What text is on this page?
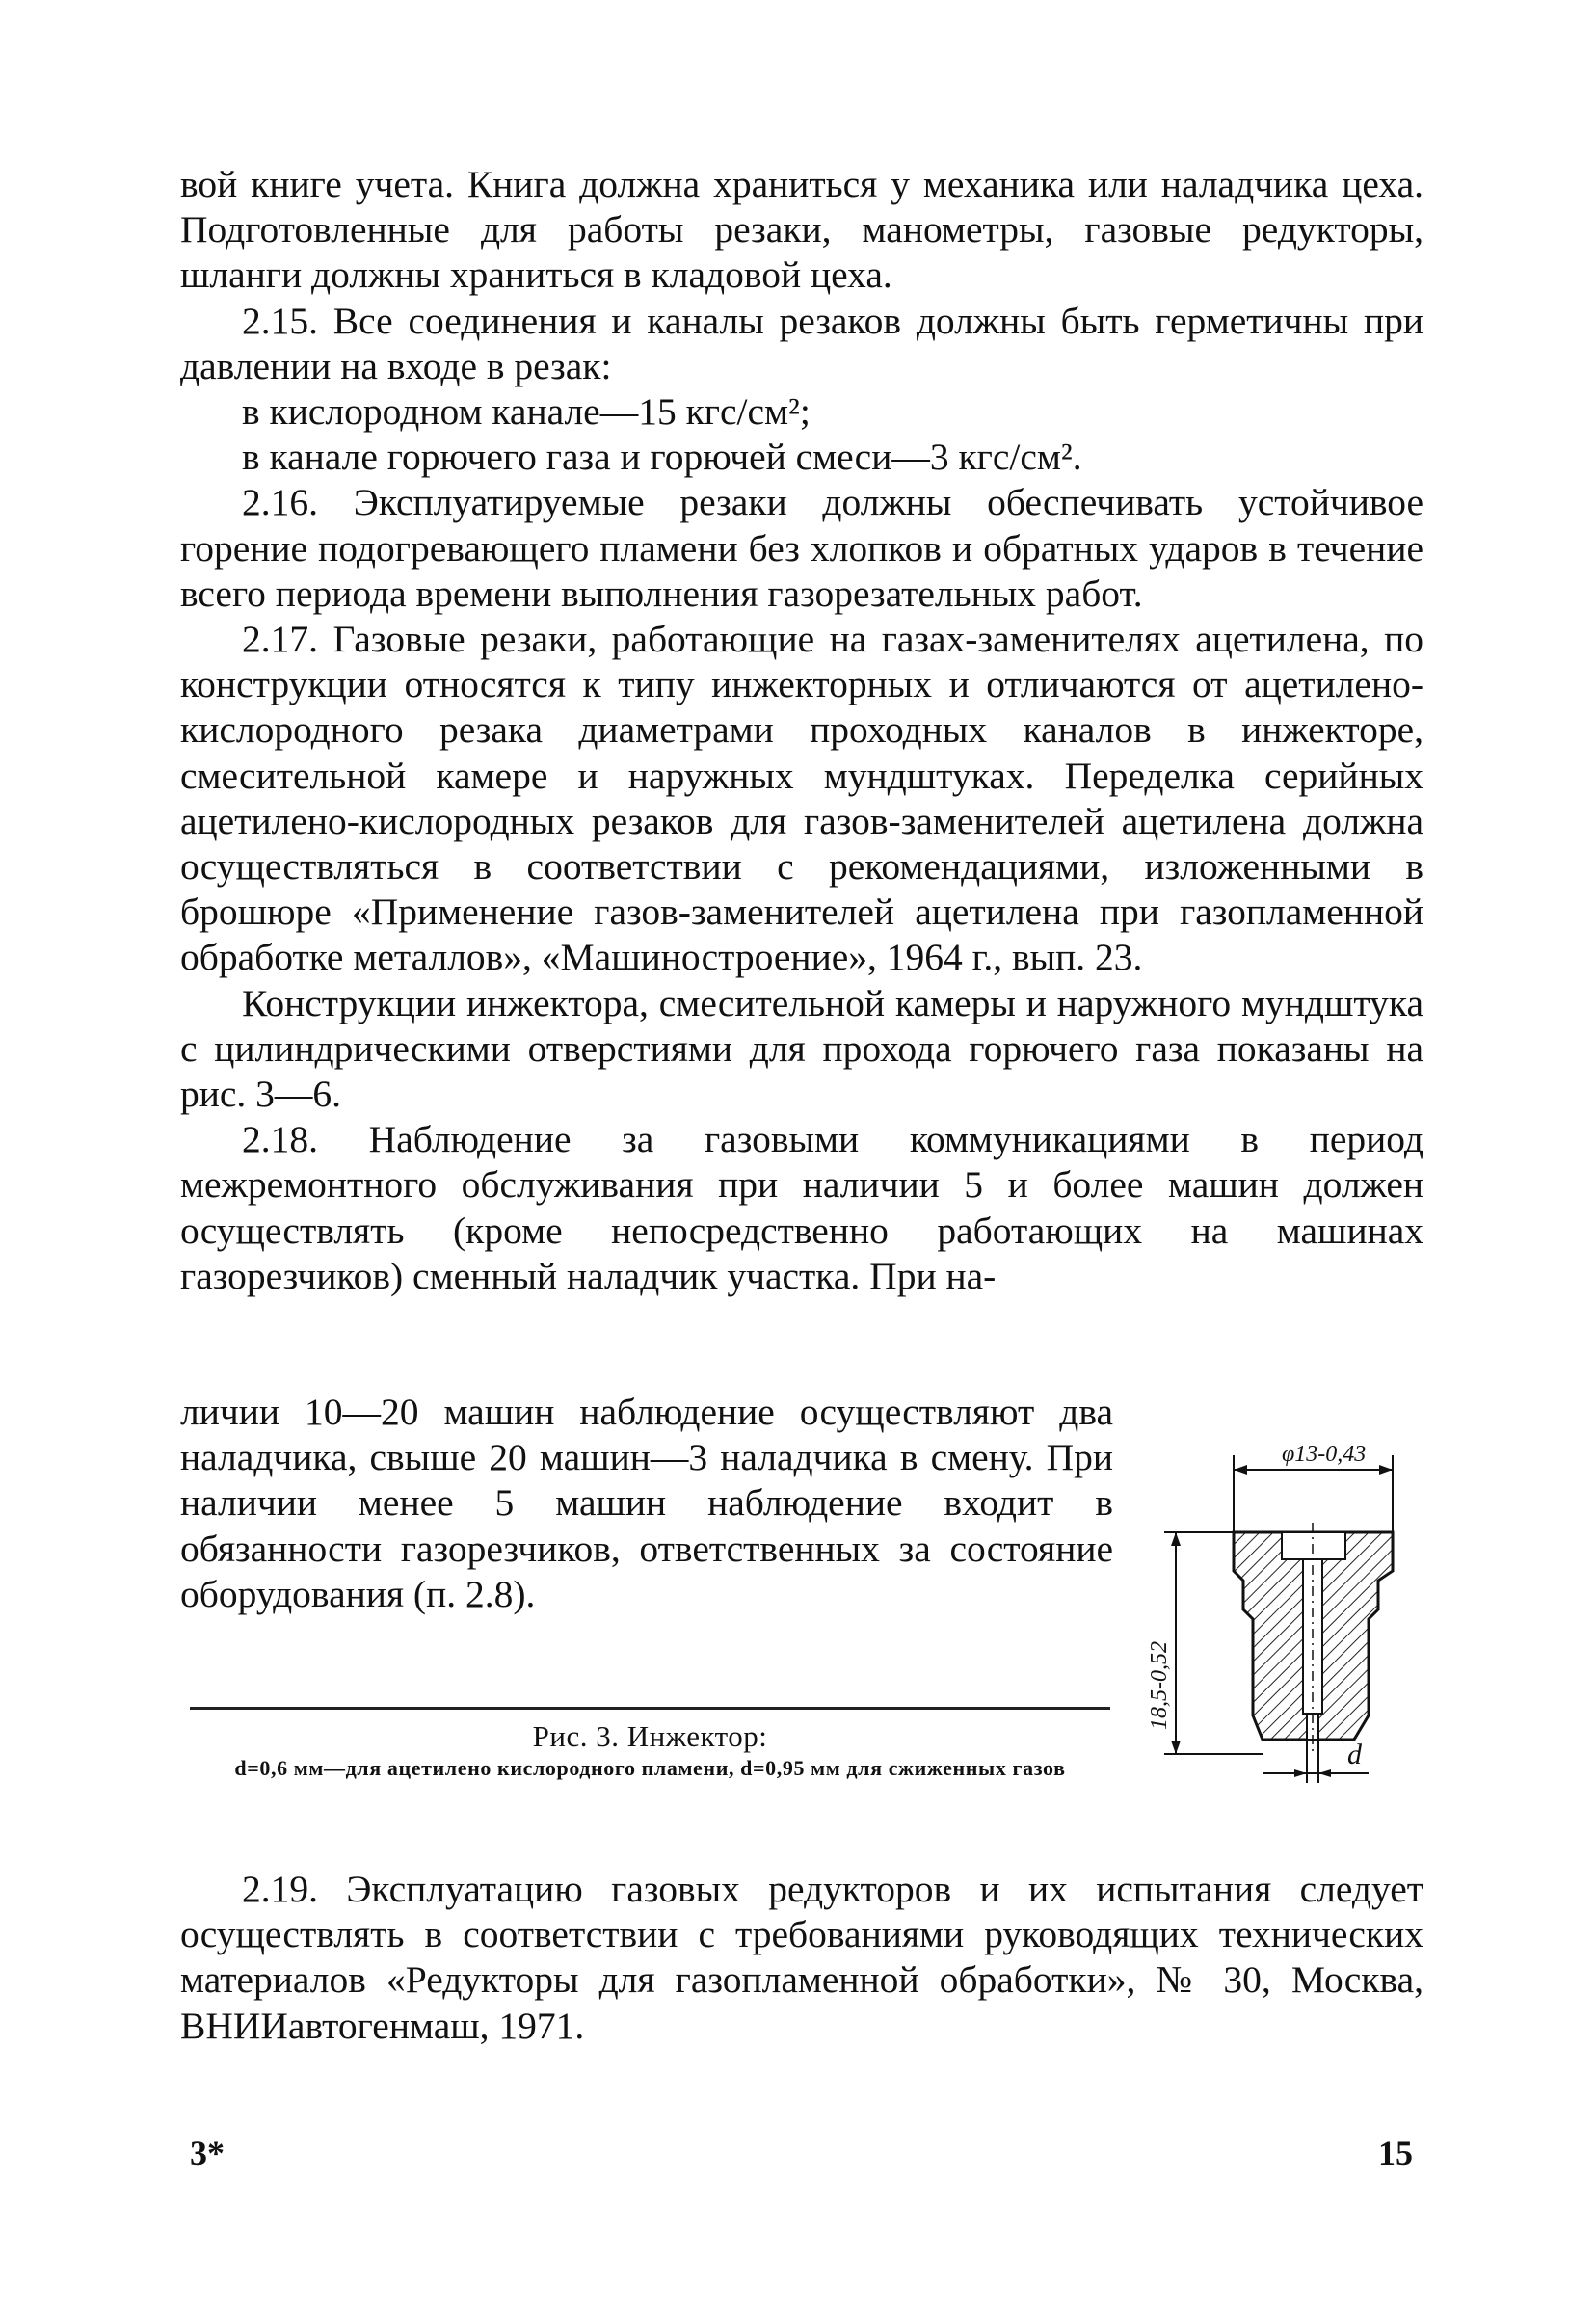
вой книге учета. Книга должна храниться у механика или наладчика цеха. Подготовленные для работы резаки, манометры, газовые редукторы, шланги должны храниться в кладовой цеха.

2.15. Все соединения и каналы резаков должны быть герметичны при давлении на входе в резак:

в кислородном канале—15 кгс/см²;

в канале горючего газа и горючей смеси—3 кгс/см².

2.16. Эксплуатируемые резаки должны обеспечивать устойчивое горение подогревающего пламени без хлопков и обратных ударов в течение всего периода времени выполнения газорезательных работ.

2.17. Газовые резаки, работающие на газах-заменителях ацетилена, по конструкции относятся к типу инжекторных и отличаются от ацетилено-кислородного резака диаметрами проходных каналов в инжекторе, смесительной камере и наружных мундштуках. Переделка серийных ацетилено-кислородных резаков для газов-заменителей ацетилена должна осуществляться в соответствии с рекомендациями, изложенными в брошюре «Применение газов-заменителей ацетилена при газопламенной обработке металлов», «Машиностроение», 1964 г., вып. 23.

Конструкции инжектора, смесительной камеры и наружного мундштука с цилиндрическими отверстиями для прохода горючего газа показаны на рис. 3—6.

2.18. Наблюдение за газовыми коммуникациями в период межремонтного обслуживания при наличии 5 и более машин должен осуществлять (кроме непосредственно работающих на машинах газорезчиков) сменный наладчик участка. При на-

личии 10—20 машин наблюдение осуществляют два наладчика, свыше 20 машин—3 наладчика в смену. При наличии менее 5 машин наблюдение входит в обязанности газорезчиков, ответственных за состояние оборудования (п. 2.8).

φ13-0,43
18,5-0,52
d
Рис. 3. Инжектор:
d=0,6 мм—для ацетилено кислородного пламени, d=0,95 мм для сжиженных газов

2.19. Эксплуатацию газовых редукторов и их испытания следует осуществлять в соответствии с требованиями руководящих технических материалов «Редукторы для газопламенной обработки», № 30, Москва, ВНИИавтогенмаш, 1971.

3*	15
